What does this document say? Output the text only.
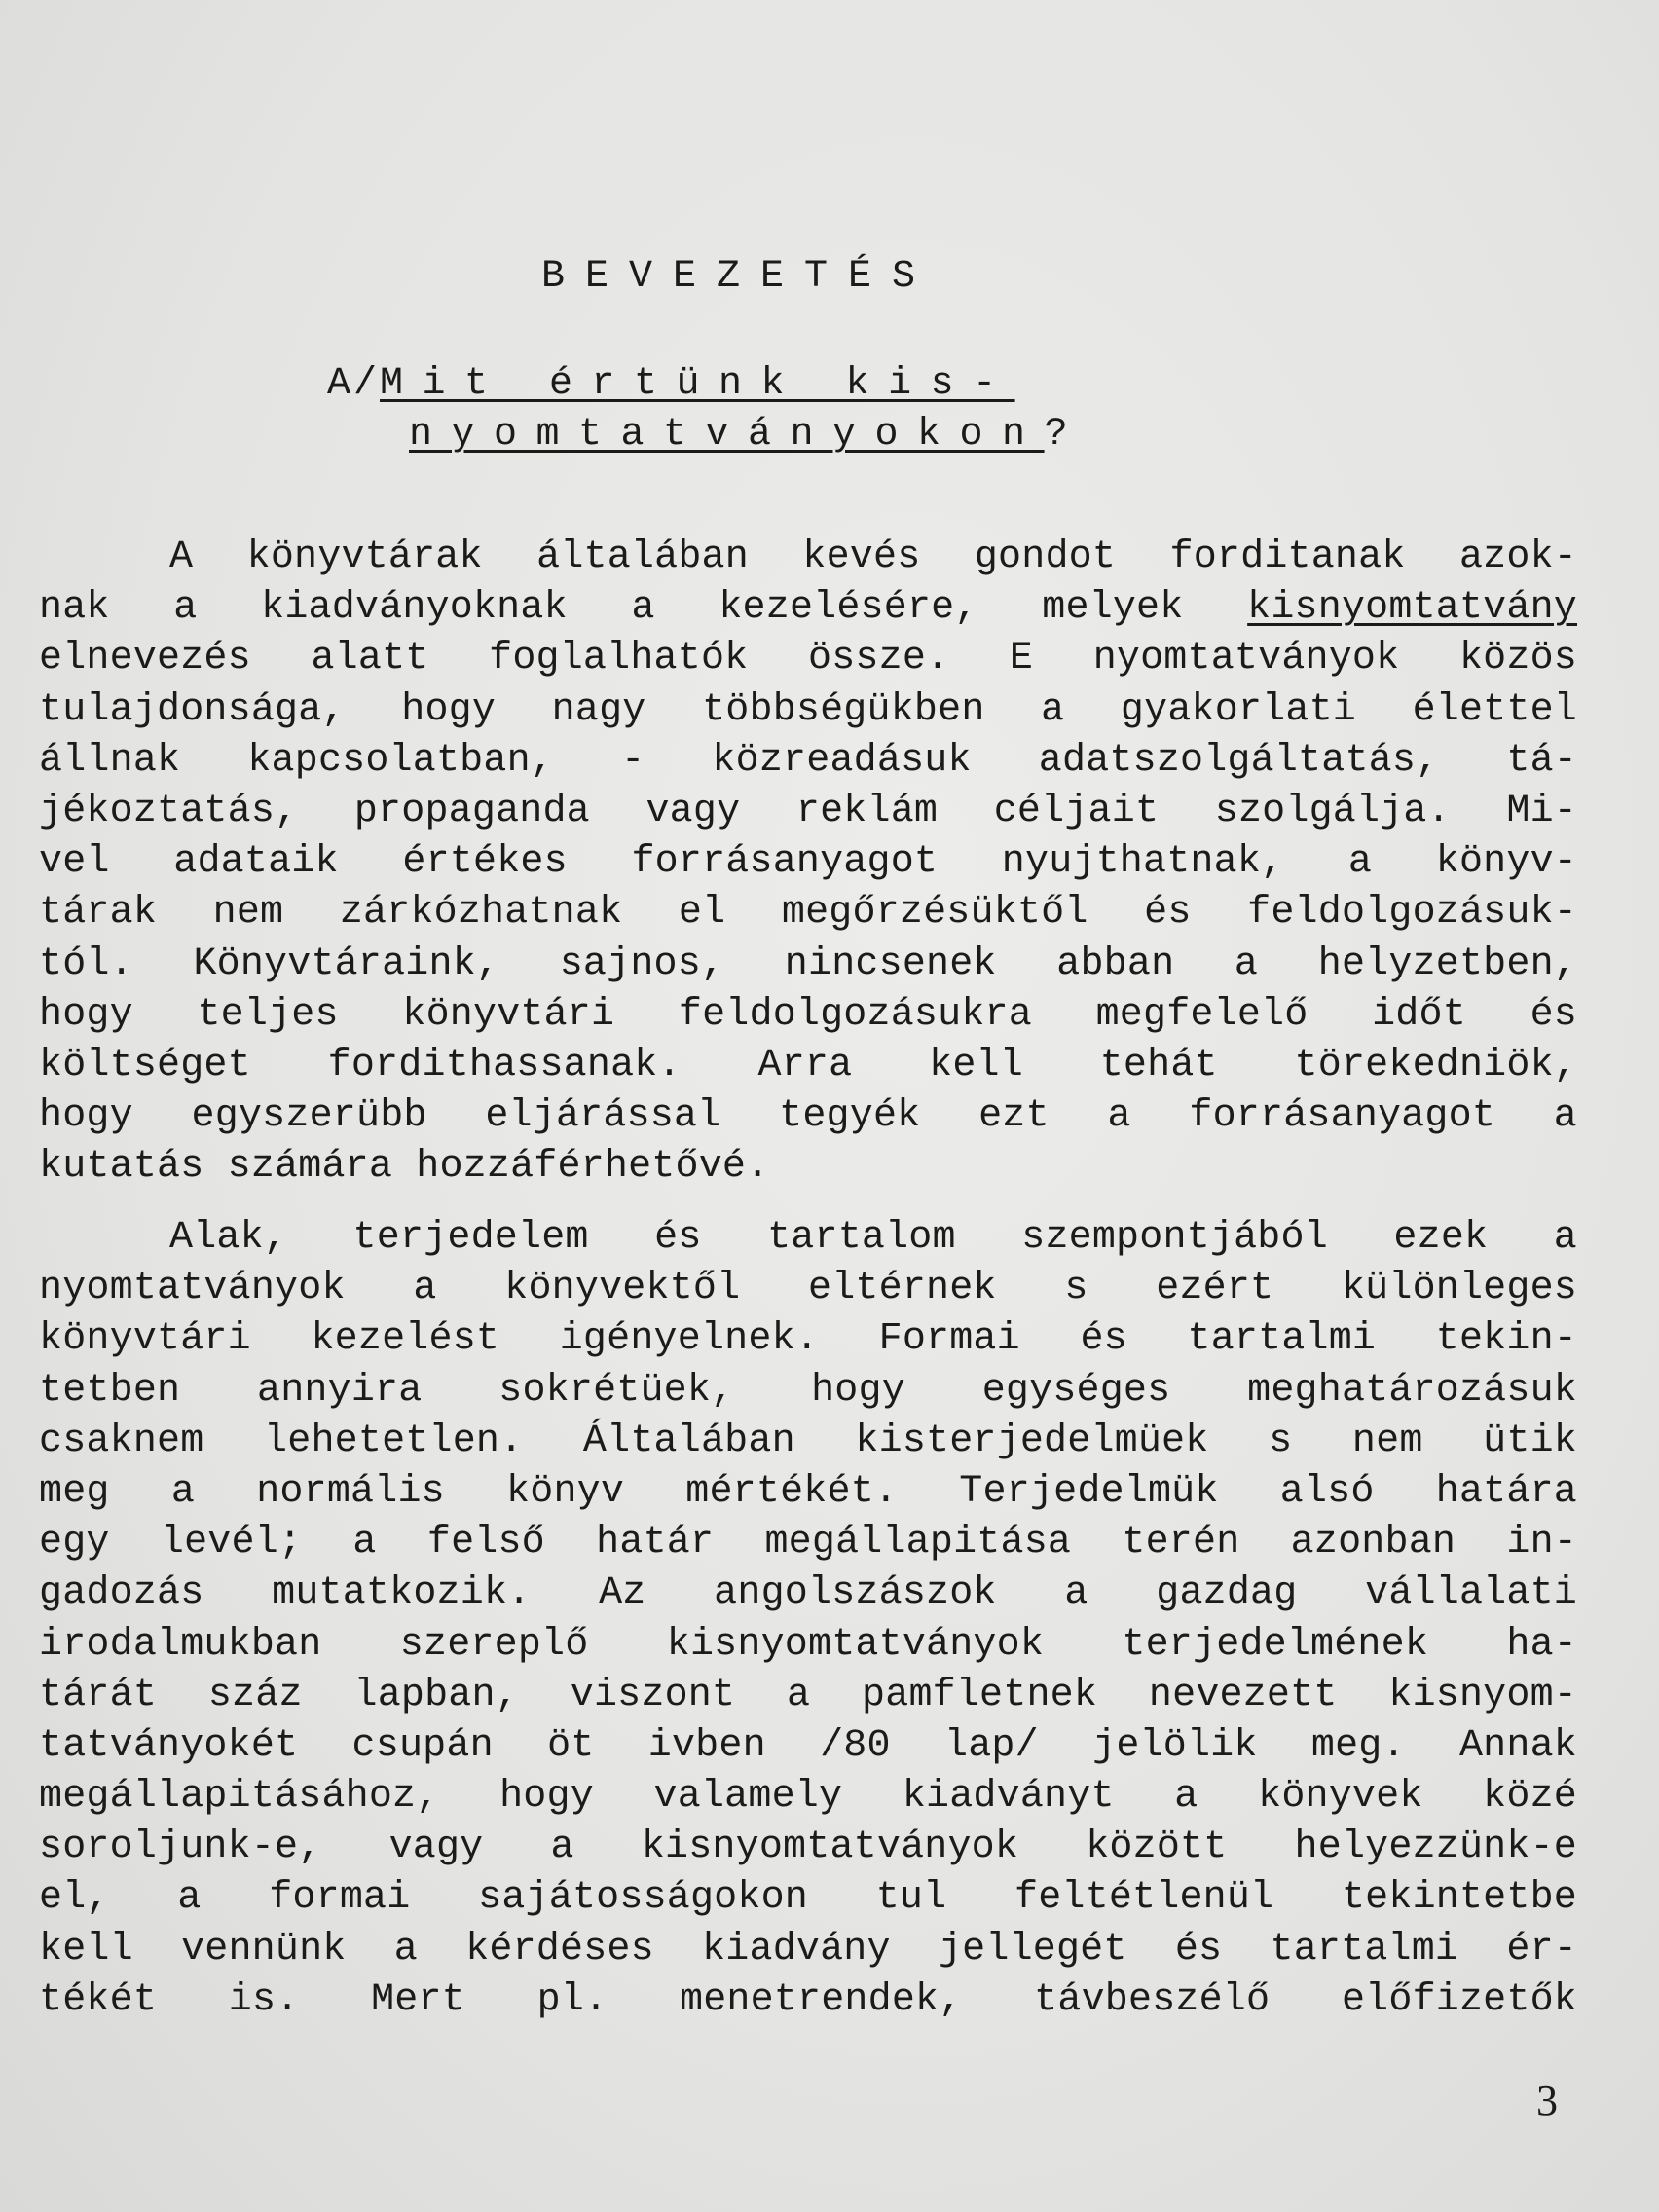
BEVEZETÉS
A/Mit értünk kis-
nyomtatványokon?
A könyvtárak általában kevés gondot forditanak azok-
nak a kiadványoknak a kezelésére, melyek kisnyomtatvány
elnevezés alatt foglalhatók össze. E nyomtatványok közös
tulajdonsága, hogy nagy többségükben a gyakorlati élettel
állnak kapcsolatban, - közreadásuk adatszolgáltatás, tá-
jékoztatás, propaganda vagy reklám céljait szolgálja. Mi-
vel adataik értékes forrásanyagot nyujthatnak, a könyv-
tárak nem zárkózhatnak el megőrzésüktől és feldolgozásuk-
tól. Könyvtáraink, sajnos, nincsenek abban a helyzetben,
hogy teljes könyvtári feldolgozásukra megfelelő időt és
költséget fordithassanak. Arra kell tehát törekedniök,
hogy egyszerübb eljárással tegyék ezt a forrásanyagot a
kutatás számára hozzáférhetővé.
Alak, terjedelem és tartalom szempontjából ezek a
nyomtatványok a könyvektől eltérnek s ezért különleges
könyvtári kezelést igényelnek. Formai és tartalmi tekin-
tetben annyira sokrétüek, hogy egységes meghatározásuk
csaknem lehetetlen. Általában kisterjedelmüek s nem ütik
meg a normális könyv mértékét. Terjedelmük alsó határa
egy levél; a felső határ megállapitása terén azonban in-
gadozás mutatkozik. Az angolszászok a gazdag vállalati
irodalmukban szereplő kisnyomtatványok terjedelmének ha-
tárát száz lapban, viszont a pamfletnek nevezett kisnyom-
tatványokét csupán öt ivben /80 lap/ jelölik meg. Annak
megállapitásához, hogy valamely kiadványt a könyvek közé
soroljunk-e, vagy a kisnyomtatványok között helyezzünk-e
el, a formai sajátosságokon tul feltétlenül tekintetbe
kell vennünk a kérdéses kiadvány jellegét és tartalmi ér-
tékét is. Mert pl. menetrendek, távbeszélő előfizetők
3
